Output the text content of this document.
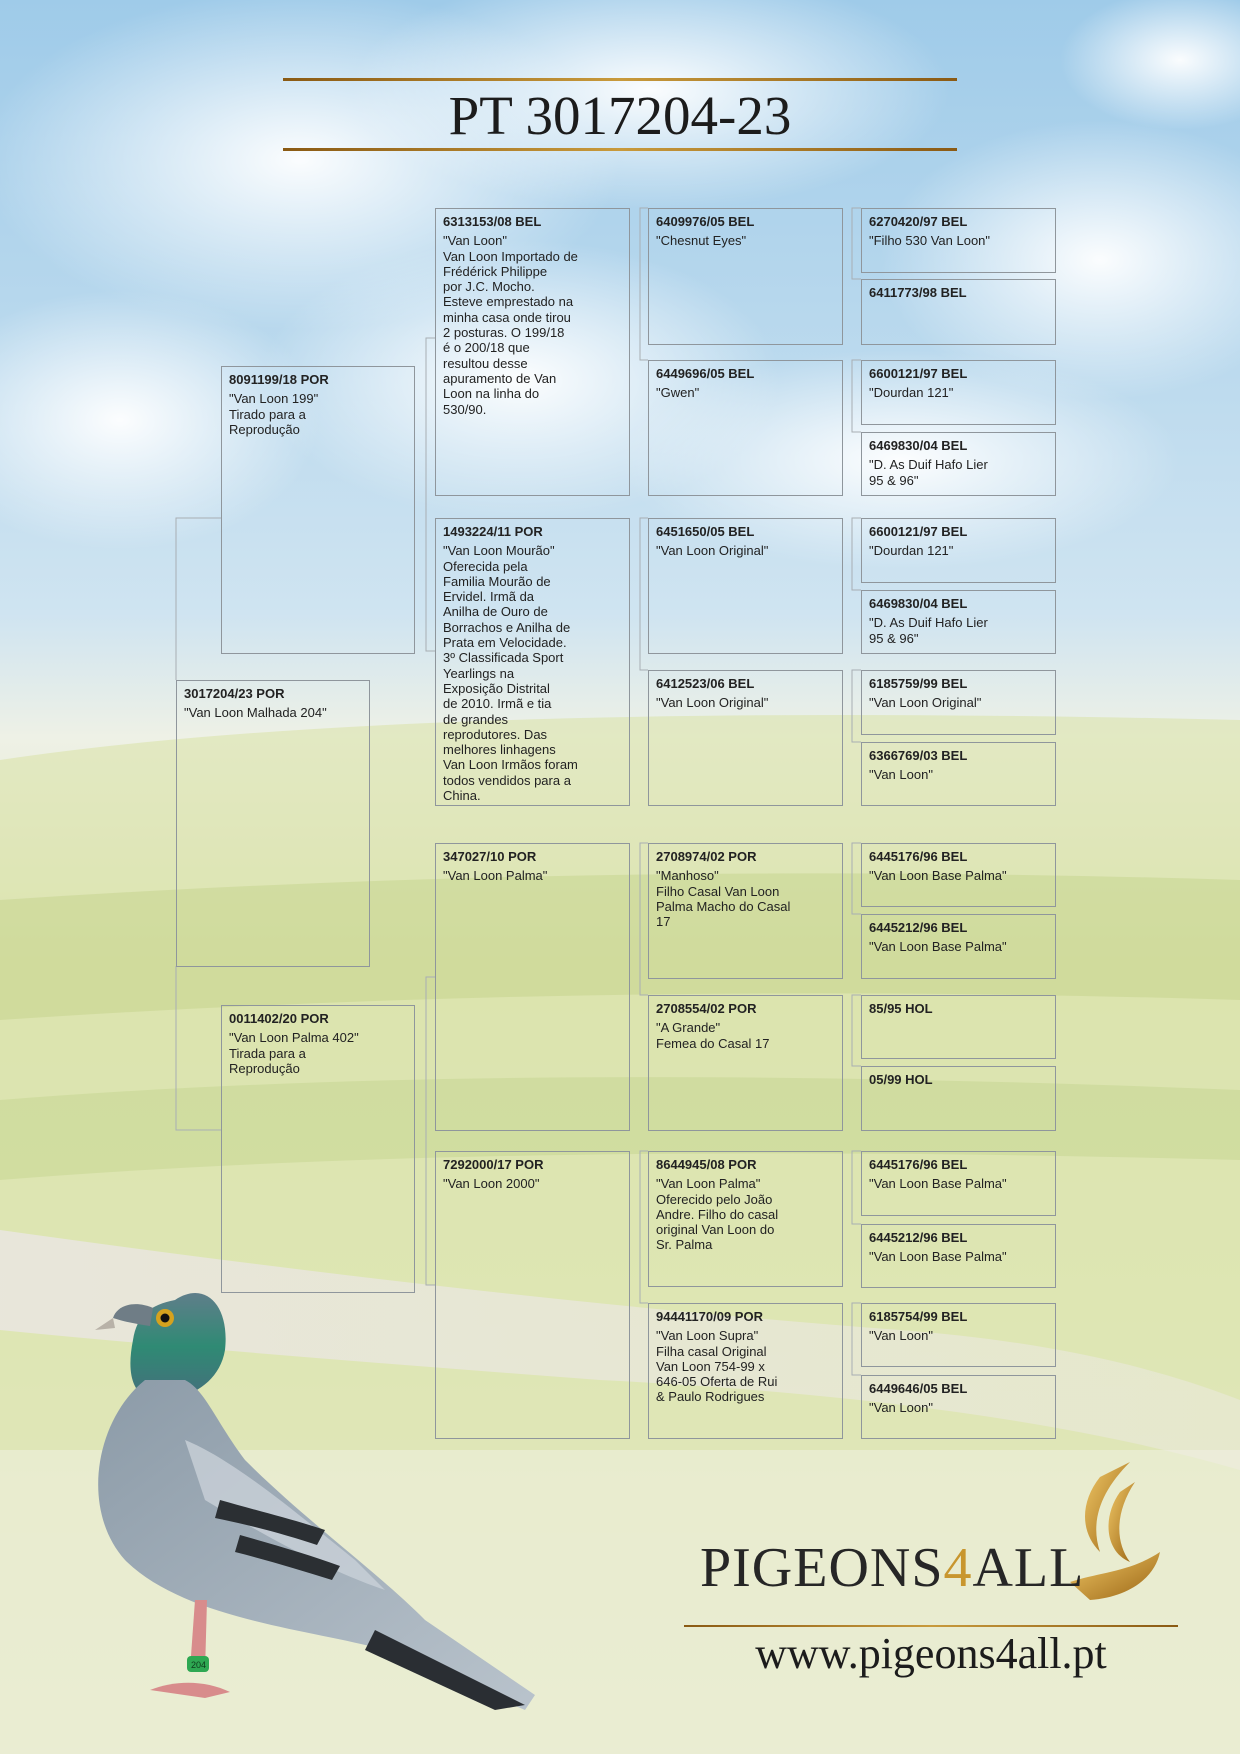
PT 3017204-23
3017204/23 POR
"Van Loon Malhada 204"
8091199/18 POR
"Van Loon 199"
Tirado para a
Reprodução
0011402/20 POR
"Van Loon Palma 402"
Tirada para a
Reprodução
6313153/08 BEL
"Van Loon"
Van Loon Importado de
Frédérick Philippe
por J.C. Mocho.
Esteve emprestado na
minha casa onde tirou
2 posturas. O 199/18
é o 200/18 que
resultou desse
apuramento de Van
Loon na linha do
530/90.
1493224/11 POR
"Van Loon Mourão"
Oferecida pela
Familia Mourão de
Ervidel. Irmã da
Anilha de Ouro de
Borrachos e Anilha de
Prata em Velocidade.
3º Classificada Sport
Yearlings na
Exposição Distrital
de 2010. Irmã e tia
de grandes
reprodutores. Das
melhores linhagens
Van Loon Irmãos foram
todos vendidos para a
China.
347027/10 POR
"Van Loon Palma"
7292000/17 POR
"Van Loon 2000"
6409976/05 BEL
"Chesnut Eyes"
6449696/05 BEL
"Gwen"
6451650/05 BEL
"Van Loon Original"
6412523/06 BEL
"Van Loon Original"
2708974/02 POR
"Manhoso"
Filho Casal Van Loon
Palma Macho do Casal
17
2708554/02 POR
"A Grande"
Femea do Casal 17
8644945/08 POR
"Van Loon Palma"
Oferecido pelo João
Andre. Filho do casal
original Van Loon do
Sr. Palma
94441170/09 POR
"Van Loon Supra"
Filha casal Original
Van Loon 754-99 x
646-05 Oferta de Rui
& Paulo Rodrigues
6270420/97 BEL
"Filho 530 Van Loon"
6411773/98 BEL
6600121/97 BEL
"Dourdan 121"
6469830/04 BEL
"D. As Duif Hafo Lier
95 & 96"
6600121/97 BEL
"Dourdan 121"
6469830/04 BEL
"D. As Duif Hafo Lier
95 & 96"
6185759/99 BEL
"Van Loon Original"
6366769/03 BEL
"Van Loon"
6445176/96 BEL
"Van Loon Base Palma"
6445212/96 BEL
"Van Loon Base Palma"
85/95 HOL
05/99 HOL
6445176/96 BEL
"Van Loon Base Palma"
6445212/96 BEL
"Van Loon Base Palma"
6185754/99 BEL
"Van Loon"
6449646/05 BEL
"Van Loon"
204
PIGEONS4ALL
www.pigeons4all.pt
